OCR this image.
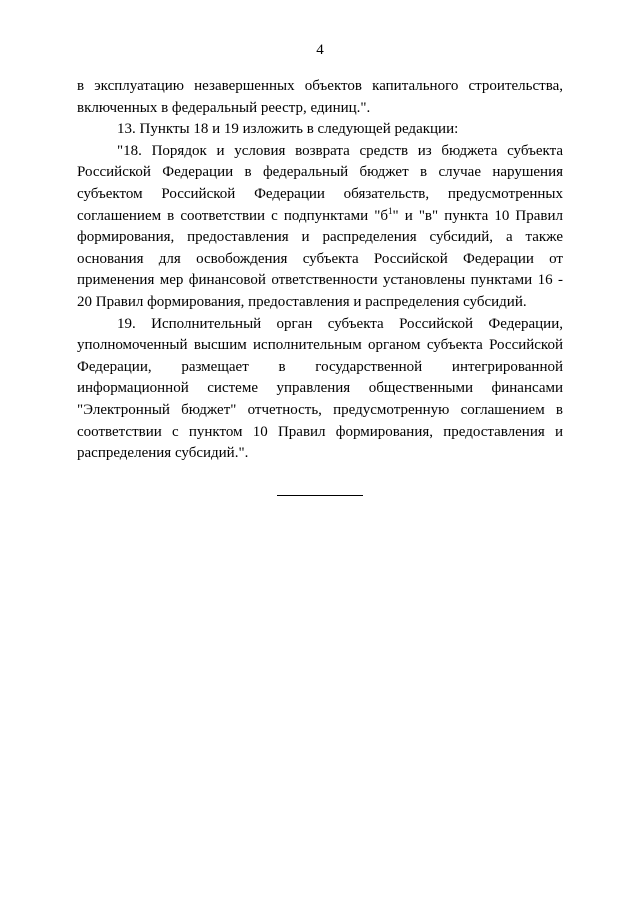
4

в эксплуатацию незавершенных объектов капитального строительства, включенных в федеральный реестр, единиц.".

13. Пункты 18 и 19 изложить в следующей редакции:

"18. Порядок и условия возврата средств из бюджета субъекта Российской Федерации в федеральный бюджет в случае нарушения субъектом Российской Федерации обязательств, предусмотренных соглашением в соответствии с подпунктами "$б^1$" и "в" пункта 10 Правил формирования, предоставления и распределения субсидий, а также основания для освобождения субъекта Российской Федерации от применения мер финансовой ответственности установлены пунктами 16 - 20 Правил формирования, предоставления и распределения субсидий.

19. Исполнительный орган субъекта Российской Федерации, уполномоченный высшим исполнительным органом субъекта Российской Федерации, размещает в государственной интегрированной информационной системе управления общественными финансами "Электронный бюджет" отчетность, предусмотренную соглашением в соответствии с пунктом 10 Правил формирования, предоставления и распределения субсидий.".
